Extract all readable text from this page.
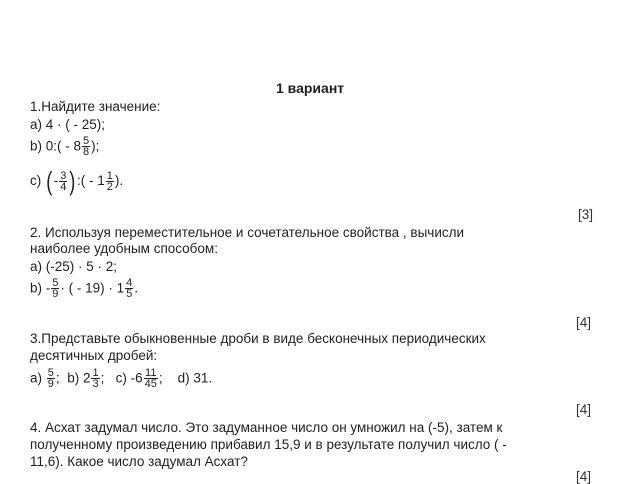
1 вариант
1.Найдите значение:
a) 4 · ( - 25);
b) 0:( - $8 \frac{5}{8}$ );
c) (- $\frac{3}{4}$ ):( - $1 \frac{1}{2}$ ).
[3]
2. Используя переместительное и сочетательное свойства , вычисли
наиболее удобным способом:
a) (-25) · 5 · 2;
$b) - \frac{5}{9}$ · ( - $19) \cdot 1 \frac{4}{5}$ .
[4]
3.Представьте обыкновенные дроби в виде бесконечных периодических
десятичных дробей:
$a) \frac{5}{9}$ ; b) $2 \frac{1}{3}$ ; c) $-6 \frac{11}{45}$ ; d) 31.
[4]
4. Асхат задумал число. Это задуманное число он умножил на (-5), затем к
полученному произведению прибавил 15,9 и в результате получил число ( -
11,6). Какое число задумал Асхат?
[4]
